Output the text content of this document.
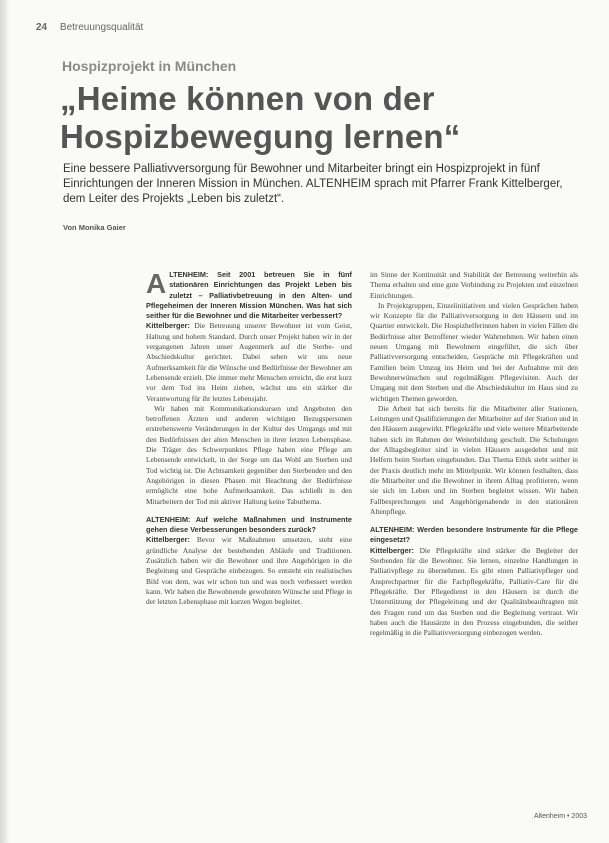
24 Betreuungsqualität
Hospizprojekt in München
„Heime können von der Hospizbewegung lernen“
Eine bessere Palliativversorgung für Bewohner und Mitarbeiter bringt ein Hospizprojekt in fünf Einrichtungen der Inneren Mission in München. ALTENHEIM sprach mit Pfarrer Frank Kittelberger, dem Leiter des Projekts „Leben bis zuletzt“.
Von Monika Gaier

A LTENHEIM: Seit 2001 betreuen Sie in fünf stationären Einrichtungen das Projekt Leben bis zuletzt – Palliativbetreuung in den Alten- und Pflegeheimen der Inneren Mission München. Was hat sich seither für die Bewohner und die Mitarbeiter verbessert?

Kittelberger: Die Betreuung unserer Bewohner ist vom Geist, Haltung und hohem Standard. Durch unser Projekt haben wir in der vergangenen Jahren unser Augenmerk auf die Sterbe- und Abschiedskultur gerichtet. Dabei sehen wir uns neue Aufmerksamkeit für die Wünsche und Bedürfnisse der Bewohner am Lebensende erzielt. Die immer mehr Menschen erreicht, die erst kurz vor dem Tod ins Heim ziehen, wächst uns ein stärker die Verantwortung für ihr letztes Lebensjahr.

Wir haben mit Kommunikationskursen und Angeboten den betroffenen Ärzten und anderen wichtigen Bezugspersonen erstrebenswerte Veränderungen in der Kultur des Umgangs und mit den Bedürfnissen der alten Menschen in ihrer letzten Lebensphase. Die Träger des Schwerpunktes Pflege haben eine Pflege am Lebensende entwickelt, in der Sorge um das Wohl am Sterben und Tod wichtig ist. Die Achtsamkeit gegenüber den Sterbenden und den Angehörigen in diesen Phasen mit Beachtung der Bedürfnisse ermöglicht eine hohe Aufmerksamkeit. Das schließt in den Mitarbeitern der Tod mit aktiver Haltung keine Tabuthema.

ALTENHEIM: Auf welche Maßnahmen und Instrumente gehen diese Verbesserungen besonders zurück?

Kittelberger: Bevor wir Maßnahmen umsetzen, steht eine gründliche Analyse der bestehenden Abläufe und Traditionen. Zusätzlich haben wir die Bewohner und ihre Angehörigen in die Begleitung und Gespräche einbezogen. So entsteht ein realistisches Bild von dem, was wir schon tun und was noch verbessert werden kann. Wir haben die Bewohnende gewohnten Wünsche und Pflege in der letzten Lebensphase mit kurzen Wegen begleitet.

im Sinne der Kontinuität und Stabilität der Betreuung weiterhin als Thema erhalten und eine gute Verbindung zu Projekten und einzelnen Einrichtungen.

In Projektgruppen, Einzelinitiativen und vielen Gesprächen haben wir Konzepte für die Palliativversorgung in den Häusern und im Quartier entwickelt. Die Hospizhelferinnen haben in vielen Fällen die Bedürfnisse alter Betroffener wieder Wahrnehmen. Wir haben einen neuen Umgang mit Bewohnern eingeführt, die sich über Palliativversorgung entscheiden, Gespräche mit Pflegekräften und Familien beim Umzug ins Heim und bei der Aufnahme mit den Bewohnerwünschen und regelmäßigen Pflegevisiten. Auch der Umgang mit dem Sterben und die Abschiedskultur im Haus sind zu wichtigen Themen geworden.

Die Arbeit hat sich bereits für die Mitarbeiter aller Stationen, Leitungen und Qualifizierungen der Mitarbeiter auf der Station und in den Häusern ausgewirkt. Pflegekräfte und viele weitere Mitarbeitende haben sich im Rahmen der Weiterbildung geschult. Die Schulungen der Alltagsbegleiter sind in vielen Häusern ausgedehnt und mit Helfern beim Sterben eingebunden. Das Thema Ethik steht seither in der Praxis deutlich mehr im Mittelpunkt. Wir können festhalten, dass die Mitarbeiter und die Bewohner in ihrem Alltag profitieren, wenn sie sich im Leben und im Sterben begleitet wissen. Wir haben Fallbesprechungen und Angehörigenabende in den stationären Altenpflege.

ALTENHEIM: Werden besondere Instrumente für die Pflege eingesetzt?

Kittelberger: Die Pflegekräfte sind stärker die Begleiter der Sterbenden für die Bewohner. Sie lernen, einzelne Handlungen in Palliativpflege zu übernehmen. Es gibt einen Palliativpfleger und Ansprechpartner für die Fachpflegekräfte, Palliativ-Care für die Pflegekräfte. Der Pflegedienst in den Häusern ist durch die Unterstützung der Pflegeleitung und der Qualitätsbeauftragten mit den Fragen rund um das Sterben und die Begleitung vertraut. Wir haben auch die Hausärzte in den Prozess eingebunden, die seither regelmäßig in die Palliativversorgung einbezogen werden.

Altenheim • 2003
